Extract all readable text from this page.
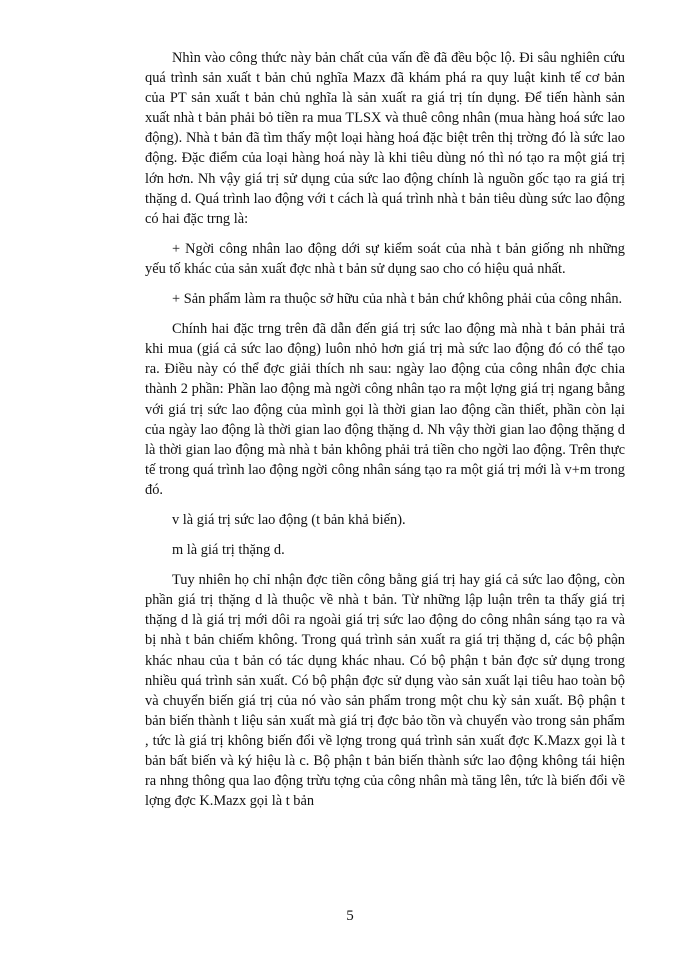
Nhìn vào công thức này bản chất của vấn đề đã đều bộc lộ. Đi sâu nghiên cứu quá trình sản xuất t bản chủ nghĩa Mazx đã khám phá ra quy luật kinh tế cơ bản của PT sản xuất t bản chủ nghĩa là sản xuất ra giá trị tín dụng. Để tiến hành sản xuất nhà t bản phải bỏ tiền ra mua TLSX và thuê công nhân (mua hàng hoá sức lao động). Nhà t bản đã tìm thấy một loại hàng hoá đặc biệt trên thị trờng đó là sức lao động. Đặc điểm của loại hàng hoá này là khi tiêu dùng nó thì nó tạo ra một giá trị lớn hơn. Nh vậy giá trị sử dụng của sức lao động chính là nguồn gốc tạo ra giá trị thặng d. Quá trình lao động với t cách là quá trình nhà t bản tiêu dùng sức lao động có hai đặc trng là:

+ Ngời công nhân lao động dới sự kiểm soát của nhà t bản giống nh những yếu tố khác của sản xuất đợc nhà t bản sử dụng sao cho có hiệu quả nhất.

+ Sản phẩm làm ra thuộc sở hữu của nhà t bản chứ không phải của công nhân.

Chính hai đặc trng trên đã dẫn đến giá trị sức lao động mà nhà t bản phải trả khi mua (giá cả sức lao động) luôn nhỏ hơn giá trị mà sức lao động đó có thể tạo ra. Điều này có thể đợc giải thích nh sau: ngày lao động của công nhân đợc chia thành 2 phần: Phần lao động mà ngời công nhân tạo ra một lợng giá trị ngang bằng với giá trị sức lao động của mình gọi là thời gian lao động cần thiết, phần còn lại của ngày lao động là thời gian lao động thặng d. Nh vậy thời gian lao động thặng d là thời gian lao động mà nhà t bản không phải trả tiền cho ngời lao động. Trên thực tế trong quá trình lao động ngời công nhân sáng tạo ra một giá trị mới là v+m trong đó.

v là giá trị sức lao động (t bản khả biến).

m là giá trị thặng d.

Tuy nhiên họ chỉ nhận đợc tiền công bằng giá trị hay giá cả sức lao động, còn phần giá trị thặng d là thuộc về nhà t bản. Từ những lập luận trên ta thấy giá trị thặng d là giá trị mới dôi ra ngoài giá trị sức lao động do công nhân sáng tạo ra và bị nhà t bản chiếm không. Trong quá trình sản xuất ra giá trị thặng d, các bộ phận khác nhau của t bản có tác dụng khác nhau. Có bộ phận t bản đợc sử dụng trong nhiều quá trình sản xuất. Có bộ phận đợc sử dụng vào sản xuất lại tiêu hao toàn bộ và chuyển biến giá trị của nó vào sản phẩm trong một chu kỳ sản xuất. Bộ phận t bản biến thành t liệu sản xuất mà giá trị đợc bảo tồn và chuyển vào trong sản phẩm , tức là giá trị không biến đổi về lợng trong quá trình sản xuất đợc K.Mazx gọi là t bản bất biến và ký hiệu là c. Bộ phận t bản biến thành sức lao động không tái hiện ra nhng thông qua lao động trừu tợng của công nhân mà tăng lên, tức là biến đổi về lợng đợc K.Mazx gọi là t bản

5
